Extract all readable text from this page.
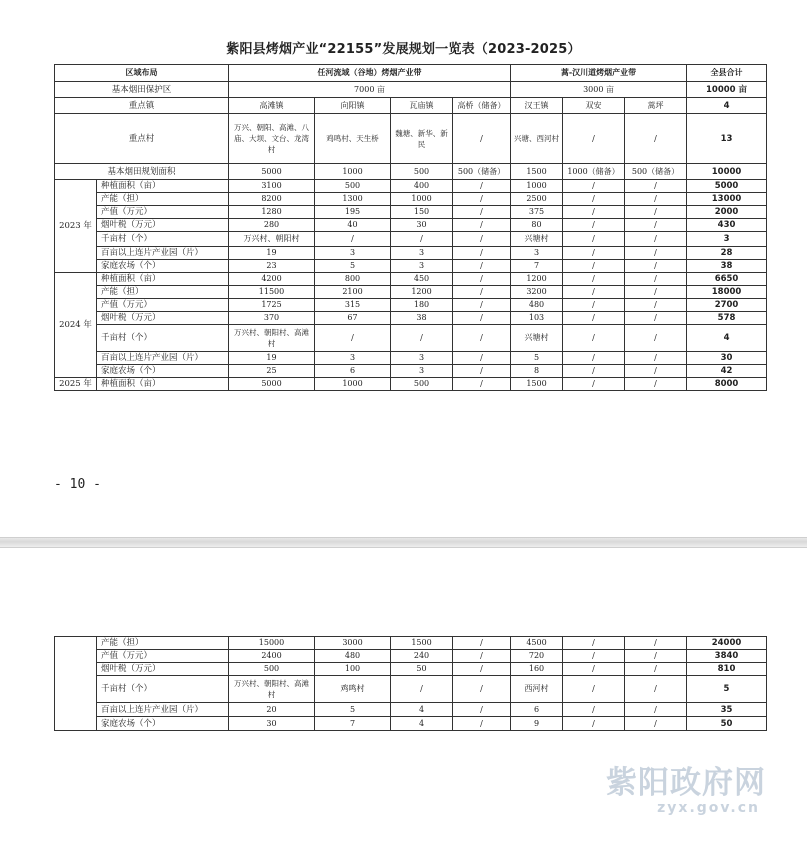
紫阳县烤烟产业“22155”发展规划一览表（2023-2025）
区域布局		任河流域（谷地）烤烟产业带				蒿-汉川道烤烟产业带			全县合计
基本烟田保护区		7000 亩				3000 亩			10000 亩
重点镇		高滩镇	向阳镇	瓦庙镇	高桥（储备）	汉王镇	双安	蒿坪	4
重点村		万兴、朝阳、高滩、八庙、大坝、文台、龙湾村	鸡鸣村、天生桥	魏塘、新华、新民	/	兴塘、西河村	/	/	13
基本烟田规划面积		5000	1000	500	500（储备）	1500	1000（储备）	500（储备）	10000
2023 年	种植面积（亩）	3100	500	400	/	1000	/	/	5000
	产能（担）	8200	1300	1000	/	2500	/	/	13000
	产值（万元）	1280	195	150	/	375	/	/	2000
	烟叶税（万元）	280	40	30	/	80	/	/	430
	千亩村（个）	万兴村、朝阳村	/	/	/	兴塘村	/	/	3
	百亩以上连片产业园（片）	19	3	3	/	3	/	/	28
	家庭农场（个）	23	5	3	/	7	/	/	38
2024 年	种植面积（亩）	4200	800	450	/	1200	/	/	6650
	产能（担）	11500	2100	1200	/	3200	/	/	18000
	产值（万元）	1725	315	180	/	480	/	/	2700
	烟叶税（万元）	370	67	38	/	103	/	/	578
	千亩村（个）	万兴村、朝阳村、高滩村	/	/	/	兴塘村	/	/	4
	百亩以上连片产业园（片）	19	3	3	/	5	/	/	30
	家庭农场（个）	25	6	3	/	8	/	/	42
2025 年	种植面积（亩）	5000	1000	500	/	1500	/	/	8000
- 10 -
	产能（担）	15000	3000	1500	/	4500	/	/	24000
	产值（万元）	2400	480	240	/	720	/	/	3840
	烟叶税（万元）	500	100	50	/	160	/	/	810
	千亩村（个）	万兴村、朝阳村、高滩村	鸡鸣村	/	/	西河村	/	/	5
	百亩以上连片产业园（片）	20	5	4	/	6	/	/	35
	家庭农场（个）	30	7	4	/	9	/	/	50
紫阳政府网
zyx.gov.cn
